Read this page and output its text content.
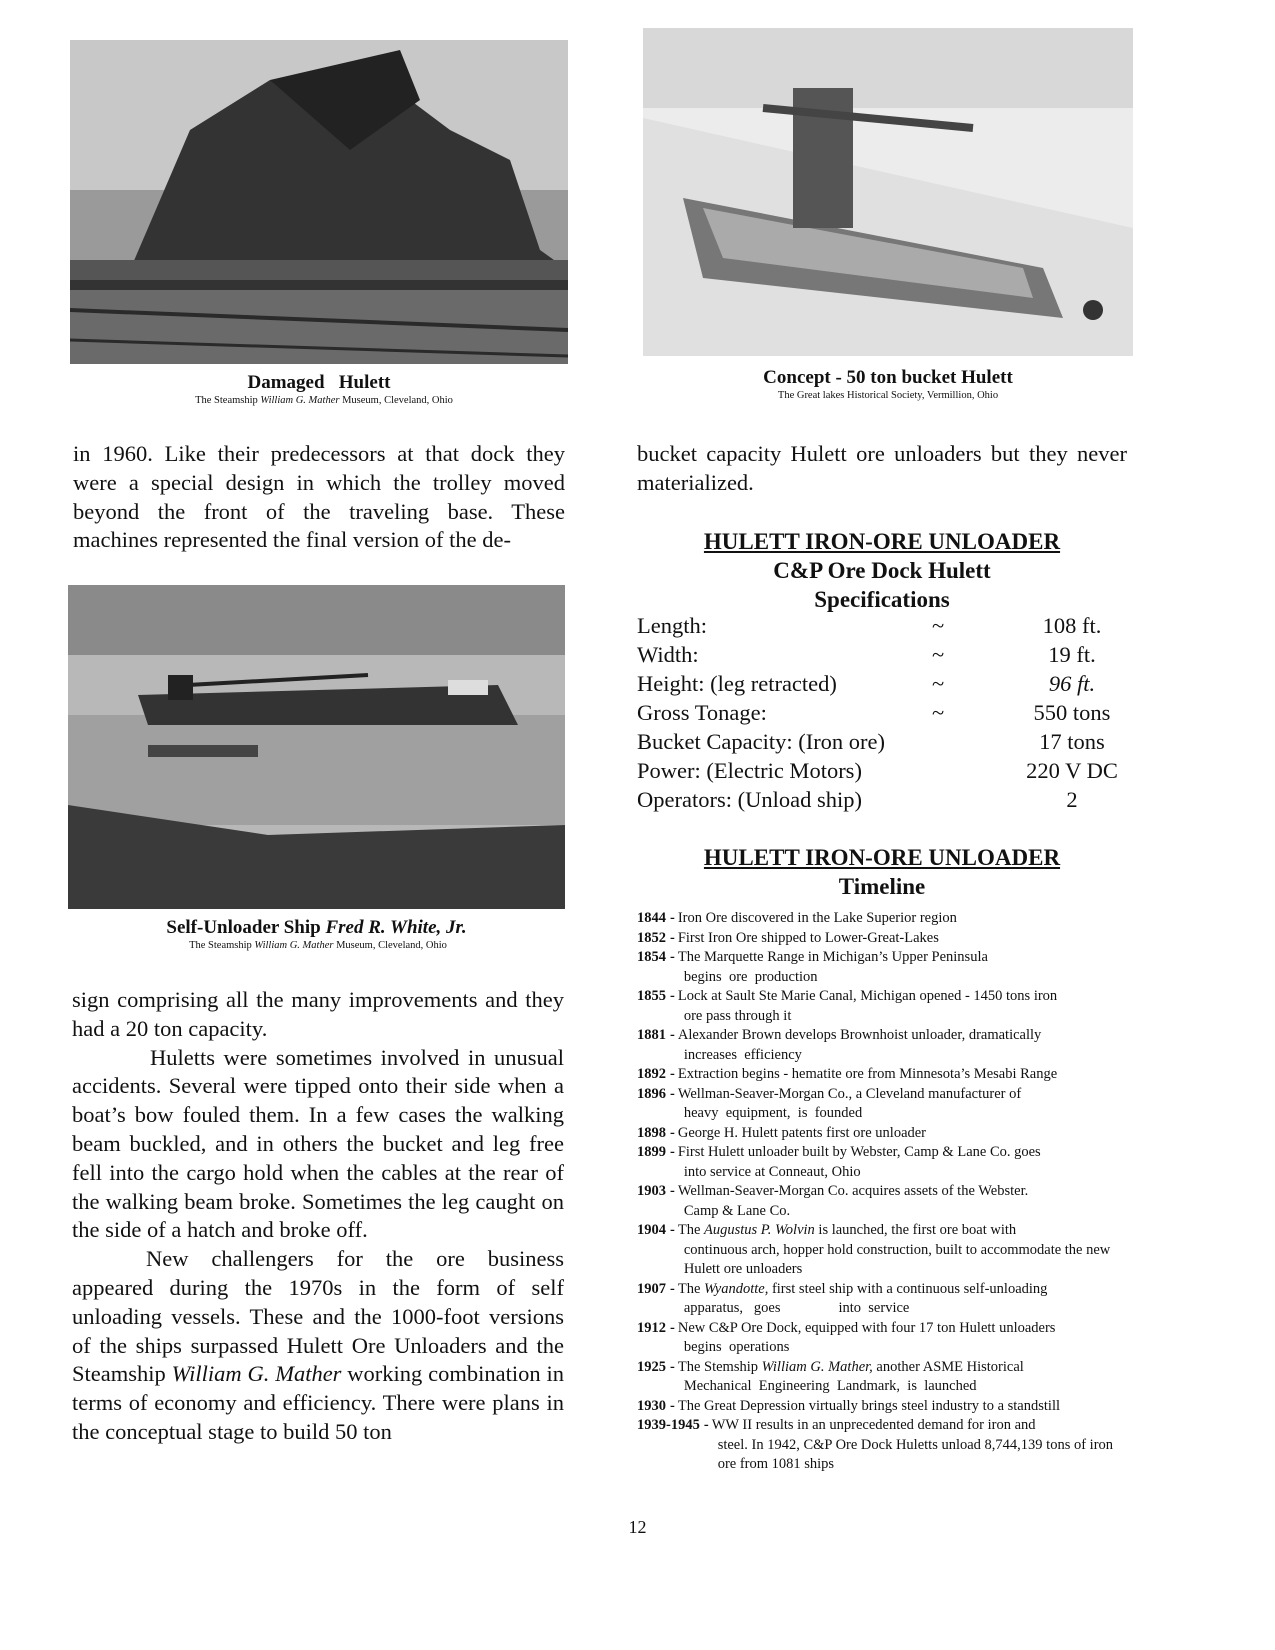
Damaged   Hulett
The Steamship William G. Mather Museum, Cleveland, Ohio
Concept - 50 ton bucket Hulett
The Great lakes Historical Society, Vermillion, Ohio
in 1960. Like their predecessors at that dock they were a special design in which the trolley moved beyond the front of the traveling base. These machines represented the final version of the de-
bucket capacity Hulett ore unloaders but they never materialized.
Self-Unloader Ship Fred R. White, Jr.
The Steamship William G. Mather Museum, Cleveland, Ohio

sign comprising all the many improvements and they had a 20 ton capacity.

Huletts were sometimes involved in unusual accidents. Several were tipped onto their side when a boat’s bow fouled them. In a few cases the walking beam buckled, and in others the bucket and leg free fell into the cargo hold when the cables at the rear of the walking beam broke. Sometimes the leg caught on the side of a hatch and broke off.

New challengers for the ore business appeared during the 1970s in the form of self unloading vessels. These and the 1000-foot versions of the ships surpassed Hulett Ore Unloaders and the Steamship William G. Mather working combination in terms of economy and efficiency. There were plans in the conceptual stage to build 50 ton

HULETT IRON-ORE UNLOADER
C&P Ore Dock Hulett
Specifications
Length:	~	108 ft.
Width:	~	19 ft.
Height: (leg retracted)	~	96 ft.
Gross Tonage:	~	550 tons
Bucket Capacity: (Iron ore)	17 tons
Power: (Electric Motors)	220 V DC
Operators: (Unload ship)	2
HULETT IRON-ORE UNLOADER
Timeline
1844 - Iron Ore discovered in the Lake Superior region
1852 - First Iron Ore shipped to Lower-Great-Lakes
1854 - The Marquette Range in Michigan’s Upper Peninsula
begins  ore  production
1855 - Lock at Sault Ste Marie Canal, Michigan opened - 1450 tons iron
ore pass through it
1881 - Alexander Brown develops Brownhoist unloader, dramatically
increases  efficiency
1892 - Extraction begins - hematite ore from Minnesota’s Mesabi Range
1896 - Wellman-Seaver-Morgan Co., a Cleveland manufacturer of
heavy  equipment,  is  founded
1898 - George H. Hulett patents first ore unloader
1899 - First Hulett unloader built by Webster, Camp & Lane Co. goes
into service at Conneaut, Ohio
1903 - Wellman-Seaver-Morgan Co. acquires assets of the Webster.
Camp & Lane Co.
1904 - The Augustus P. Wolvin is launched, the first ore boat with
continuous arch, hopper hold construction, built to accommodate the new Hulett ore unloaders
1907 - The Wyandotte, first steel ship with a continuous self-unloading
apparatus,   goes                into  service
1912 - New C&P Ore Dock, equipped with four 17 ton Hulett unloaders
begins  operations
1925 - The Stemship William G. Mather, another ASME Historical
Mechanical  Engineering  Landmark,  is  launched
1930 - The Great Depression virtually brings steel industry to a standstill
1939-1945 - WW II results in an unprecedented demand for iron and
steel. In 1942, C&P Ore Dock Huletts unload 8,744,139 tons of iron ore from 1081 ships
12
